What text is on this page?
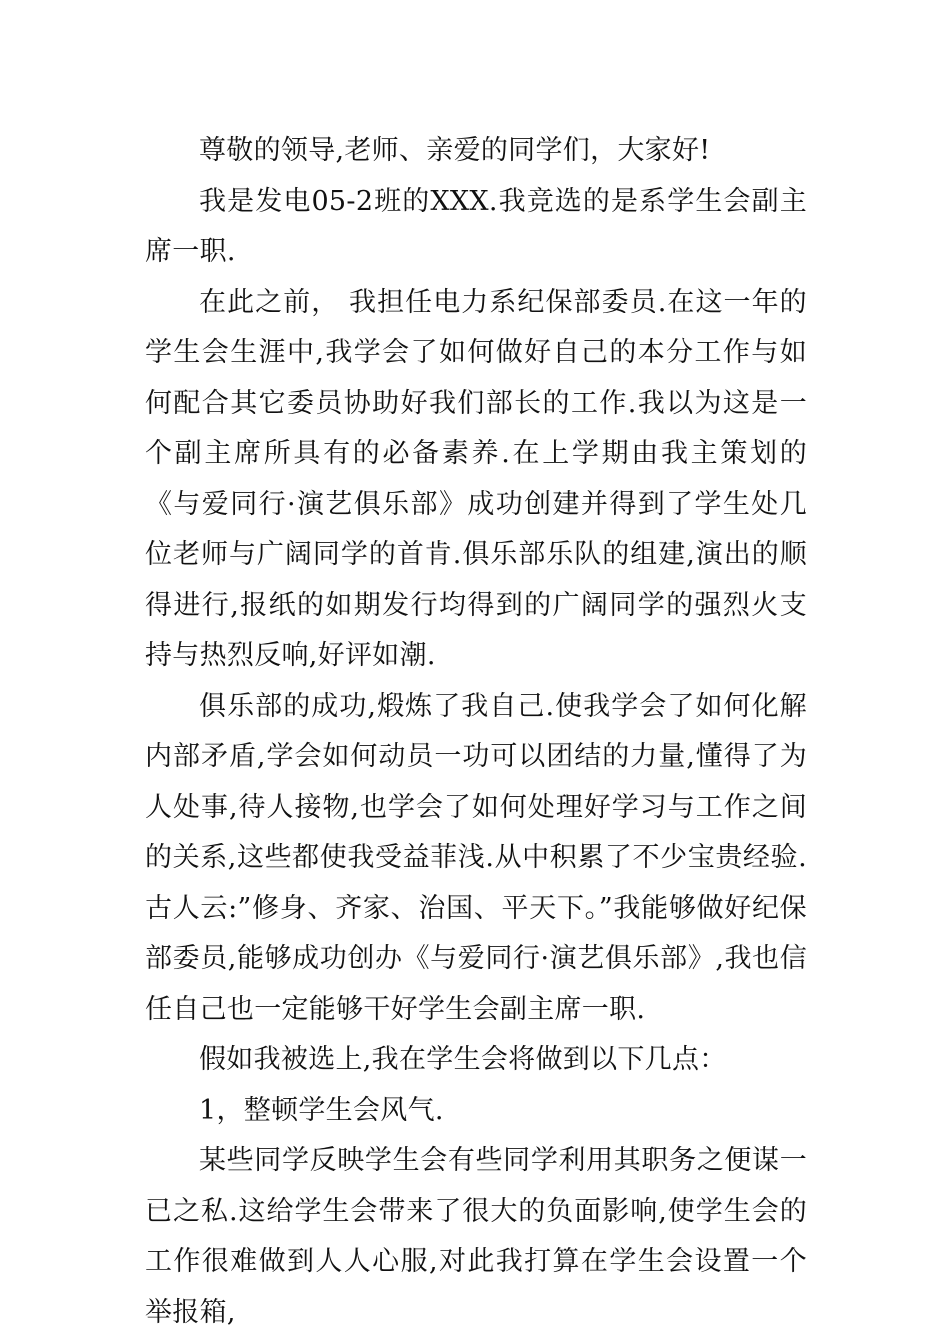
尊敬的领导,老师、亲爱的同学们，大家好!

我是发电05-2班的XXX.我竞选的是系学生会副主席一职.

在此之前， 我担任电力系纪保部委员.在这一年的学生会生涯中,我学会了如何做好自己的本分工作与如何配合其它委员协助好我们部长的工作.我以为这是一个副主席所具有的必备素养.在上学期由我主策划的《与爱同行·演艺俱乐部》成功创建并得到了学生处几位老师与广阔同学的首肯.俱乐部乐队的组建,演出的顺得进行,报纸的如期发行均得到的广阔同学的强烈火支持与热烈反响,好评如潮.

俱乐部的成功,煅炼了我自己.使我学会了如何化解内部矛盾,学会如何动员一功可以团结的力量,懂得了为人处事,待人接物,也学会了如何处理好学习与工作之间的关系,这些都使我受益菲浅.从中积累了不少宝贵经验.古人云:”修身、齐家、治国、平天下。”我能够做好纪保部委员,能够成功创办《与爱同行·演艺俱乐部》,我也信任自己也一定能够干好学生会副主席一职.

假如我被选上,我在学生会将做到以下几点：

1，整顿学生会风气.

某些同学反映学生会有些同学利用其职务之便谋一已之私.这给学生会带来了很大的负面影响,使学生会的工作很难做到人人心服,对此我打算在学生会设置一个举报箱,
